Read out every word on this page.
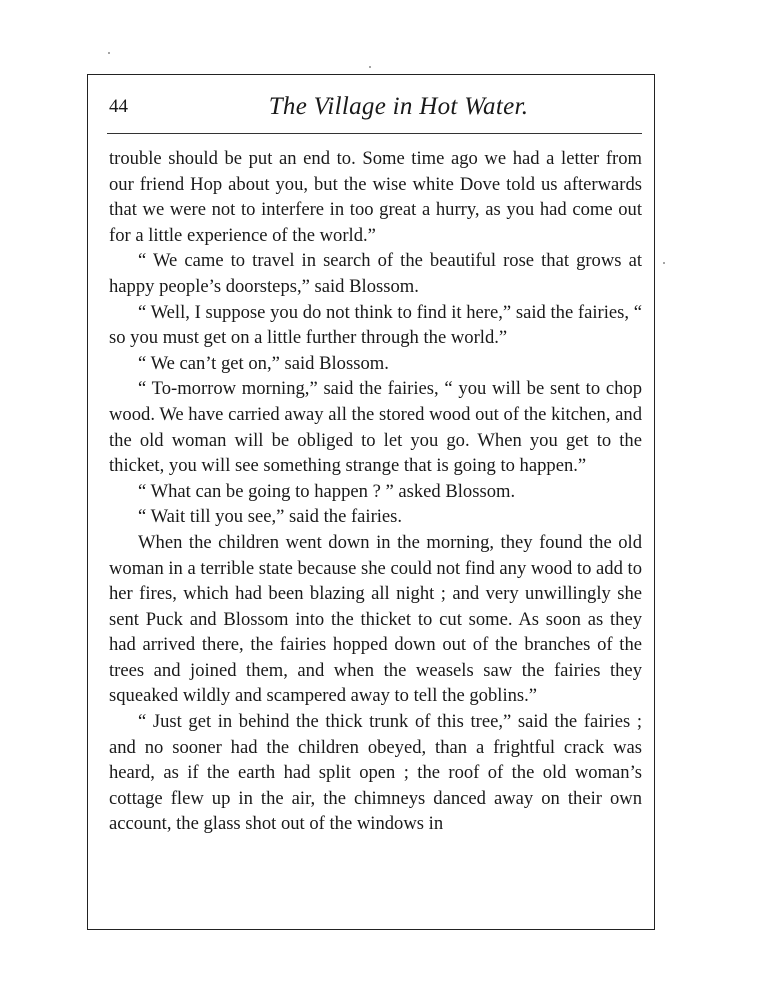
44	The Village in Hot Water.

trouble should be put an end to. Some time ago we had a letter from our friend Hop about you, but the wise white Dove told us afterwards that we were not to interfere in too great a hurry, as you had come out for a little experience of the world.”

“ We came to travel in search of the beautiful rose that grows at happy people’s doorsteps,” said Blossom.

“ Well, I suppose you do not think to find it here,” said the fairies, “ so you must get on a little further through the world.”

“ We can’t get on,” said Blossom.

“ To-morrow morning,” said the fairies, “ you will be sent to chop wood. We have carried away all the stored wood out of the kitchen, and the old woman will be obliged to let you go. When you get to the thicket, you will see something strange that is going to happen.”

“ What can be going to happen ? ” asked Blossom.

“ Wait till you see,” said the fairies.

When the children went down in the morning, they found the old woman in a terrible state because she could not find any wood to add to her fires, which had been blazing all night ; and very unwillingly she sent Puck and Blossom into the thicket to cut some. As soon as they had arrived there, the fairies hopped down out of the branches of the trees and joined them, and when the weasels saw the fairies they squeaked wildly and scampered away to tell the goblins.”

“ Just get in behind the thick trunk of this tree,” said the fairies ; and no sooner had the children obeyed, than a frightful crack was heard, as if the earth had split open ; the roof of the old woman’s cottage flew up in the air, the chimneys danced away on their own account, the glass shot out of the windows in
